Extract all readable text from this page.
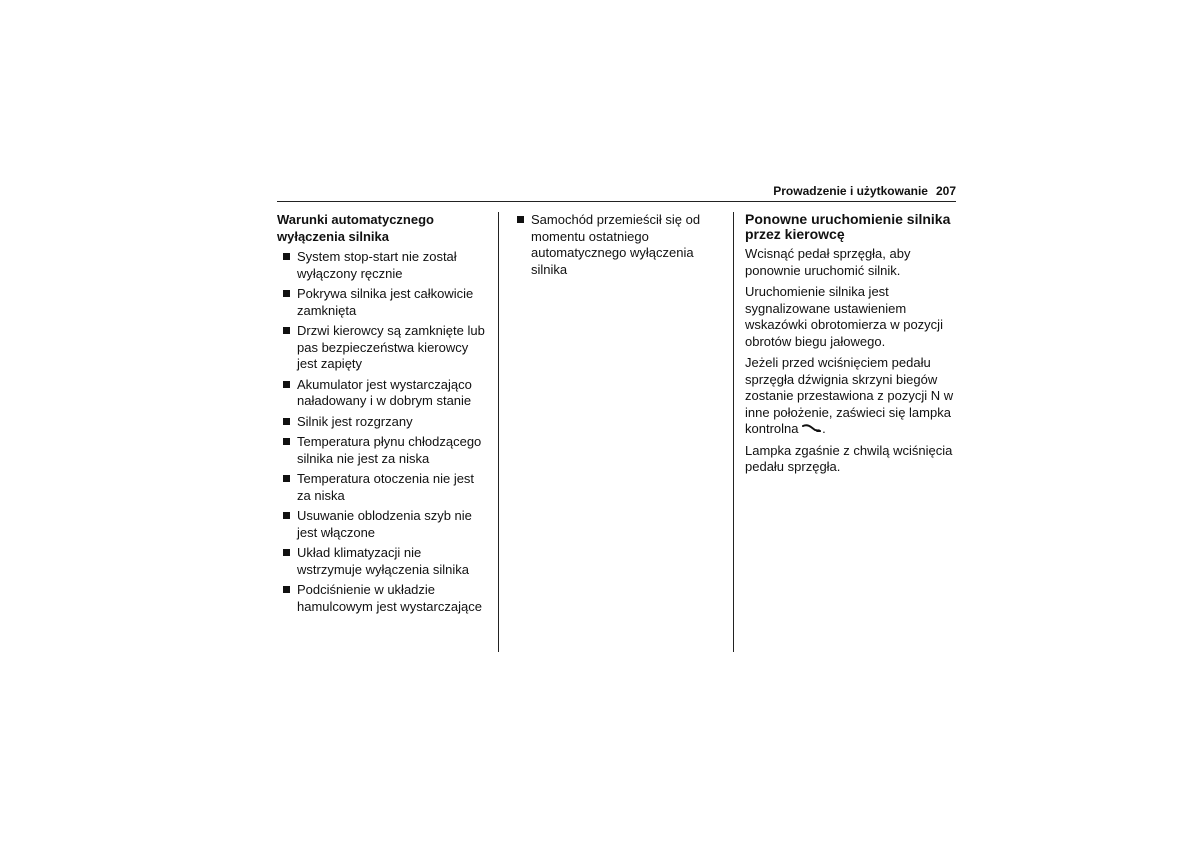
Prowadzenie i użytkowanie 207
Warunki automatycznego wyłączenia silnika
System stop-start nie został wyłączony ręcznie
Pokrywa silnika jest całkowicie zamknięta
Drzwi kierowcy są zamknięte lub pas bezpieczeństwa kierowcy jest zapięty
Akumulator jest wystarczająco naładowany i w dobrym stanie
Silnik jest rozgrzany
Temperatura płynu chłodzącego silnika nie jest za niska
Temperatura otoczenia nie jest za niska
Usuwanie oblodzenia szyb nie jest włączone
Układ klimatyzacji nie wstrzymuje wyłączenia silnika
Podciśnienie w układzie hamulcowym jest wystarczające
Samochód przemieścił się od momentu ostatniego automatycznego wyłączenia silnika
Ponowne uruchomienie silnika przez kierowcę

Wcisnąć pedał sprzęgła, aby ponownie uruchomić silnik.

Uruchomienie silnika jest sygnalizowane ustawieniem wskazówki obrotomierza w pozycji obrotów biegu jałowego.

Jeżeli przed wciśnięciem pedału sprzęgła dźwignia skrzyni biegów zostanie przestawiona z pozycji N w inne położenie, zaświeci się lampka kontrolna .

Lampka zgaśnie z chwilą wciśnięcia pedału sprzęgła.
